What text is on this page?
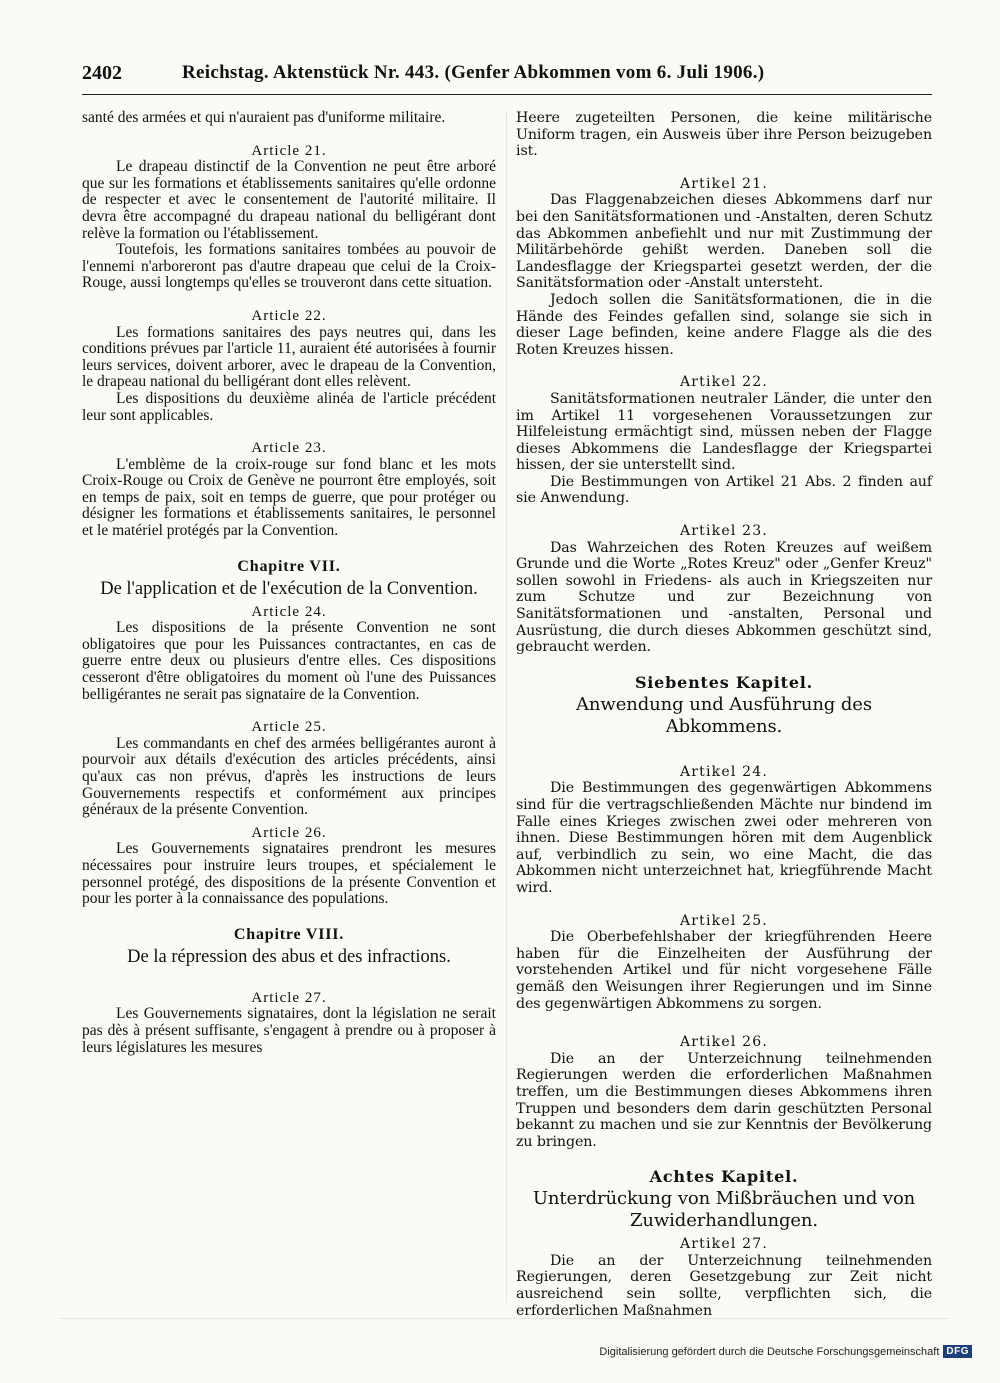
2402	Reichstag. Aktenstück Nr. 443. (Genfer Abkommen vom 6. Juli 1906.)

santé des armées et qui n'auraient pas d'uniforme militaire.

Article 21.

Le drapeau distinctif de la Convention ne peut être arboré que sur les formations et établissements sanitaires qu'elle ordonne de respecter et avec le consentement de l'autorité militaire. Il devra être accompagné du drapeau national du belligérant dont relève la formation ou l'établissement.

Toutefois, les formations sanitaires tombées au pouvoir de l'ennemi n'arboreront pas d'autre drapeau que celui de la Croix-Rouge, aussi longtemps qu'elles se trouveront dans cette situation.

Article 22.

Les formations sanitaires des pays neutres qui, dans les conditions prévues par l'article 11, auraient été autorisées à fournir leurs services, doivent arborer, avec le drapeau de la Convention, le drapeau national du belligérant dont elles relèvent.

Les dispositions du deuxième alinéa de l'article précédent leur sont applicables.

Article 23.

L'emblème de la croix-rouge sur fond blanc et les mots Croix-Rouge ou Croix de Genève ne pourront être employés, soit en temps de paix, soit en temps de guerre, que pour protéger ou désigner les formations et établissements sanitaires, le personnel et le matériel protégés par la Convention.

Chapitre VII.
De l'application et de l'exécution de la Convention.
Article 24.

Les dispositions de la présente Convention ne sont obligatoires que pour les Puissances contractantes, en cas de guerre entre deux ou plusieurs d'entre elles. Ces dispositions cesseront d'être obligatoires du moment où l'une des Puissances belligérantes ne serait pas signataire de la Convention.

Article 25.

Les commandants en chef des armées belligérantes auront à pourvoir aux détails d'exécution des articles précédents, ainsi qu'aux cas non prévus, d'après les instructions de leurs Gouvernements respectifs et conformément aux principes généraux de la présente Convention.

Article 26.

Les Gouvernements signataires prendront les mesures nécessaires pour instruire leurs troupes, et spécialement le personnel protégé, des dispositions de la présente Convention et pour les porter à la connaissance des populations.

Chapitre VIII.
De la répression des abus et des infractions.
Article 27.

Les Gouvernements signataires, dont la législation ne serait pas dès à présent suffisante, s'engagent à prendre ou à proposer à leurs législatures les mesures

Heere zugeteilten Personen, die keine militärische Uniform tragen, ein Ausweis über ihre Person beizugeben ist.

Artikel 21.

Das Flaggenabzeichen dieses Abkommens darf nur bei den Sanitätsformationen und -Anstalten, deren Schutz das Abkommen anbefiehlt und nur mit Zustimmung der Militärbehörde gehißt werden. Daneben soll die Landesflagge der Kriegspartei gesetzt werden, der die Sanitätsformation oder -Anstalt untersteht.

Jedoch sollen die Sanitätsformationen, die in die Hände des Feindes gefallen sind, solange sie sich in dieser Lage befinden, keine andere Flagge als die des Roten Kreuzes hissen.

Artikel 22.

Sanitätsformationen neutraler Länder, die unter den im Artikel 11 vorgesehenen Voraussetzungen zur Hilfeleistung ermächtigt sind, müssen neben der Flagge dieses Abkommens die Landesflagge der Kriegspartei hissen, der sie unterstellt sind.

Die Bestimmungen von Artikel 21 Abs. 2 finden auf sie Anwendung.

Artikel 23.

Das Wahrzeichen des Roten Kreuzes auf weißem Grunde und die Worte „Rotes Kreuz" oder „Genfer Kreuz" sollen sowohl in Friedens- als auch in Kriegszeiten nur zum Schutze und zur Bezeichnung von Sanitätsformationen und -anstalten, Personal und Ausrüstung, die durch dieses Abkommen geschützt sind, gebraucht werden.

Siebentes Kapitel.
Anwendung und Ausführung des Abkommens.
Artikel 24.

Die Bestimmungen des gegenwärtigen Abkommens sind für die vertragschließenden Mächte nur bindend im Falle eines Krieges zwischen zwei oder mehreren von ihnen. Diese Bestimmungen hören mit dem Augenblick auf, verbindlich zu sein, wo eine Macht, die das Abkommen nicht unterzeichnet hat, kriegführende Macht wird.

Artikel 25.

Die Oberbefehlshaber der kriegführenden Heere haben für die Einzelheiten der Ausführung der vorstehenden Artikel und für nicht vorgesehene Fälle gemäß den Weisungen ihrer Regierungen und im Sinne des gegenwärtigen Abkommens zu sorgen.

Artikel 26.

Die an der Unterzeichnung teilnehmenden Regierungen werden die erforderlichen Maßnahmen treffen, um die Bestimmungen dieses Abkommens ihren Truppen und besonders dem darin geschützten Personal bekannt zu machen und sie zur Kenntnis der Bevölkerung zu bringen.

Achtes Kapitel.
Unterdrückung von Mißbräuchen und von Zuwiderhandlungen.
Artikel 27.

Die an der Unterzeichnung teilnehmenden Regierungen, deren Gesetzgebung zur Zeit nicht ausreichend sein sollte, verpflichten sich, die erforderlichen Maßnahmen

Digitalisierung gefördert durch die Deutsche Forschungsgemeinschaft DFG
